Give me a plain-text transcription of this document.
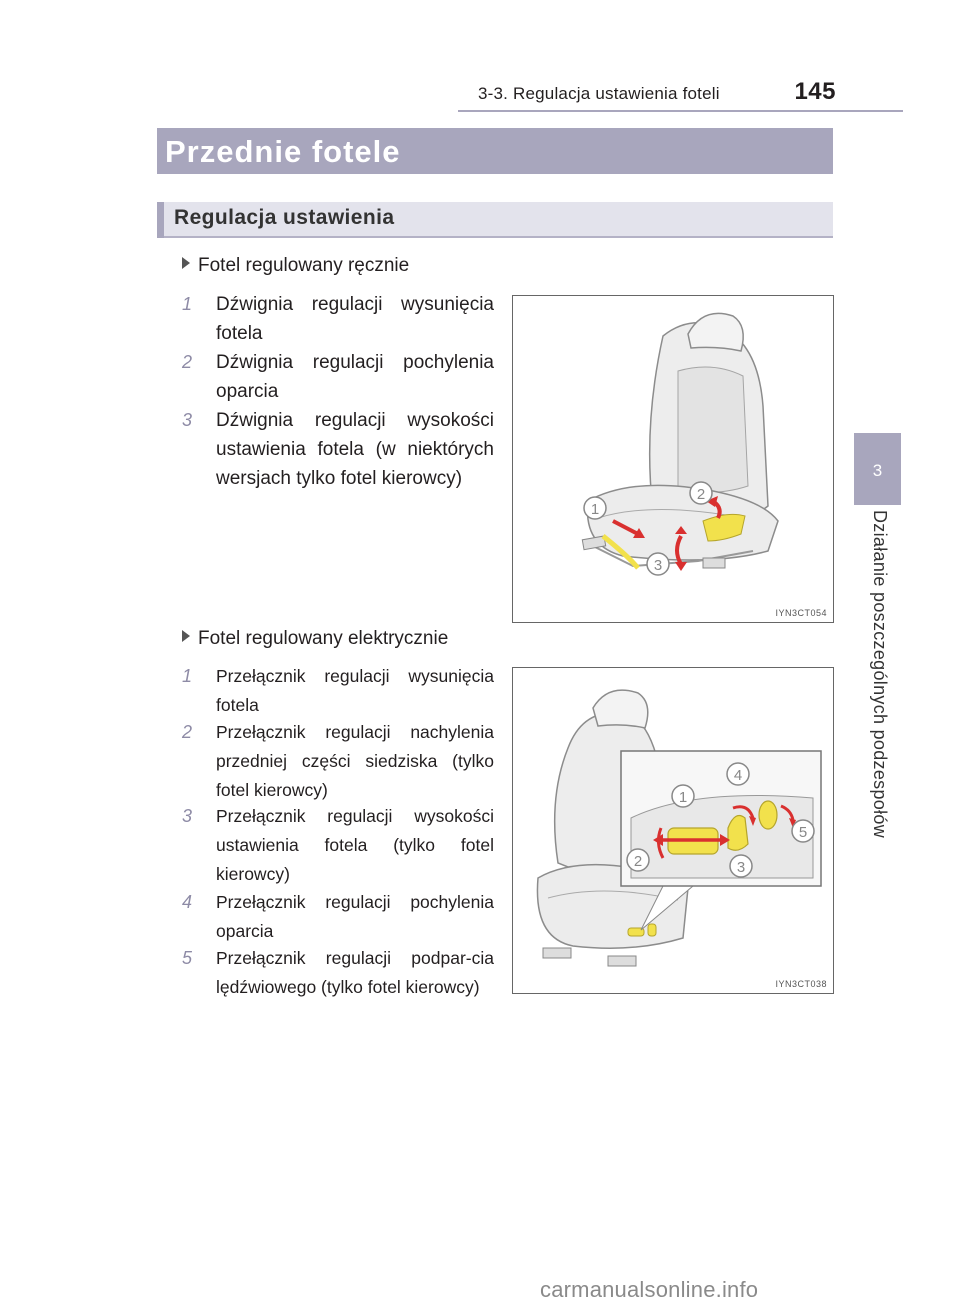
3-3. Regulacja ustawienia foteli	145
Przednie fotele
Regulacja ustawienia
3
Działanie poszczególnych podzespołów
Fotel regulowany ręcznie
1	Dźwignia regulacji wysunięcia fotela
2	Dźwignia regulacji pochylenia oparcia
3	Dźwignia regulacji wysokości ustawienia fotela (w niektórych wersjach tylko fotel kierowcy)
1
2
3
IYN3CT054
Fotel regulowany elektrycznie
1	Przełącznik regulacji wysunięcia fotela
2	Przełącznik regulacji nachylenia przedniej części siedziska (tylko fotel kierowcy)
3	Przełącznik regulacji wysokości ustawienia fotela (tylko fotel kierowcy)
4	Przełącznik regulacji pochylenia oparcia
5	Przełącznik regulacji podpar-cia lędźwiowego (tylko fotel kierowcy)
1
2	3
4
5
IYN3CT038
carmanualsonline.info
